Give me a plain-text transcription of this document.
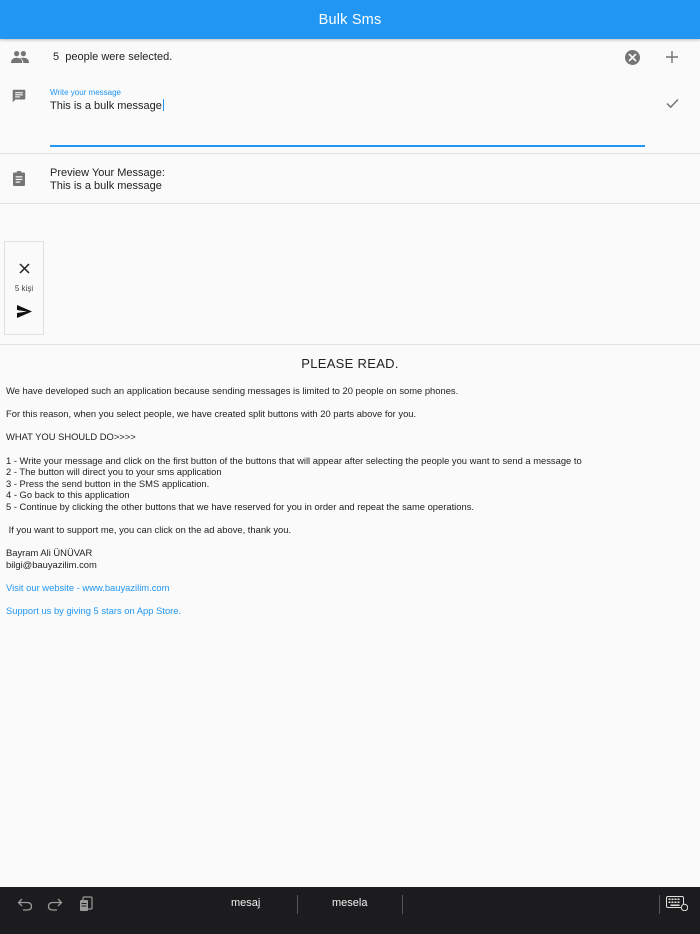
Bulk Sms
5  people were selected.
Write your message
This is a bulk message
Preview Your Message:
This is a bulk message
5 kişi
PLEASE READ.

We have developed such an application because sending messages is limited to 20 people on some phones.

For this reason, when you select people, we have created split buttons with 20 parts above for you.

WHAT YOU SHOULD DO>>>>

1 - Write your message and click on the first button of the buttons that will appear after selecting the people you want to send a message to

2 - The button will direct you to your sms application

3 - Press the send button in the SMS application.

4 - Go back to this application

5 - Continue by clicking the other buttons that we have reserved for you in order and repeat the same operations.

If you want to support me, you can click on the ad above, thank you.

Bayram Ali ÜNÜVAR

bilgi@bauyazilim.com

Visit our website - www.bauyazilim.com
Support us by giving 5 stars on App Store.
mesaj	mesela
